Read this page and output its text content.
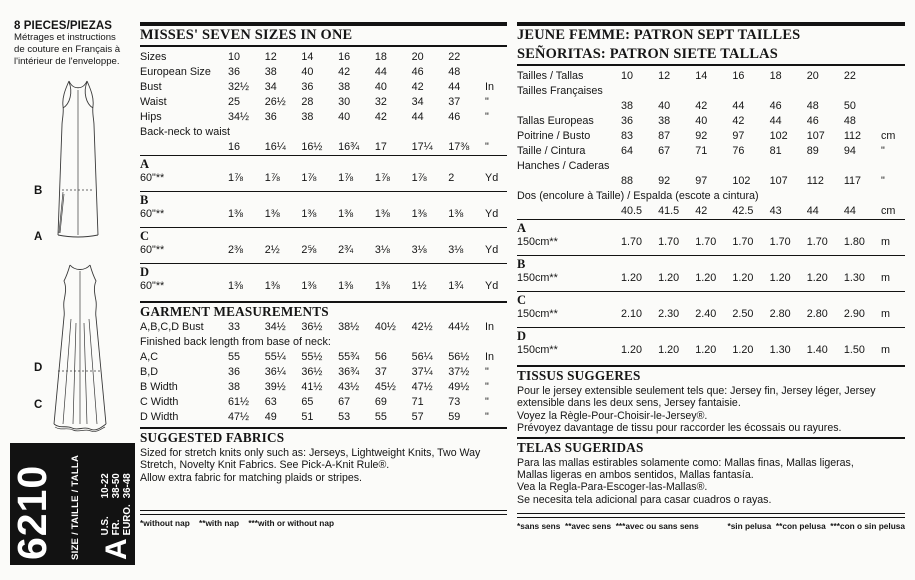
8 PIECES/PIEZAS
Métrages et instructions
de couture en Français à
l'intérieur de l'enveloppe.
B
A
D
C
6210 SIZE / TAILLE / TALLA A
U.S.
10-22
FR.
38-50
EURO.
36-48
MISSES' SEVEN SIZES IN ONE
Sizes	10	12	14	16	18	20	22
European Size	36	38	40	42	44	46	48
Bust	32½	34	36	38	40	42	44	In
Waist	25	26½	28	30	32	34	37	"
Hips	34½	36	38	40	42	44	46	"
Back-neck to waist
16	16¼	16½	16¾	17	17¼	17⅜	"
A
60"**	1⅞	1⅞	1⅞	1⅞	1⅞	1⅞	2	Yd
B
60"**	1⅜	1⅜	1⅜	1⅜	1⅜	1⅜	1⅜	Yd
C
60"**	2⅜	2½	2⅝	2¾	3⅛	3⅛	3⅛	Yd
D
60"**	1⅜	1⅜	1⅜	1⅜	1⅜	1½	1¾	Yd
GARMENT MEASUREMENTS
A,B,C,D Bust	33	34½	36½	38½	40½	42½	44½	In
Finished back length from base of neck:
A,C	55	55¼	55½	55¾	56	56¼	56½	In
B,D	36	36¼	36½	36¾	37	37¼	37½	"
B Width	38	39½	41½	43½	45½	47½	49½	"
C Width	61½	63	65	67	69	71	73	"
D Width	47½	49	51	53	55	57	59	"
SUGGESTED FABRICS
Sized for stretch knits only such as: Jerseys, Lightweight Knits, Two Way
Stretch, Novelty Knit Fabrics. See Pick-A-Knit Rule®.
Allow extra fabric for matching plaids or stripes.
*without nap    **with nap    ***with or without nap
JEUNE FEMME: PATRON SEPT TAILLES
SEÑORITAS: PATRON SIETE TALLAS
Tailles / Tallas	10	12	14	16	18	20	22
Tailles Françaises
38	40	42	44	46	48	50
Tallas Europeas	36	38	40	42	44	46	48
Poitrine / Busto	83	87	92	97	102	107	112	cm
Taille / Cintura	64	67	71	76	81	89	94	"
Hanches / Caderas
88	92	97	102	107	112	117	"
Dos (encolure à Taille) / Espalda (escote a cintura)
40.5	41.5	42	42.5	43	44	44	cm
A
150cm**	1.70	1.70	1.70	1.70	1.70	1.70	1.80	m
B
150cm**	1.20	1.20	1.20	1.20	1.20	1.20	1.30	m
C
150cm**	2.10	2.30	2.40	2.50	2.80	2.80	2.90	m
D
150cm**	1.20	1.20	1.20	1.20	1.30	1.40	1.50	m
TISSUS SUGGERES
Pour le jersey extensible seulement tels que: Jersey fin, Jersey léger, Jersey
extensible dans les deux sens, Jersey fantaisie.
Voyez la Règle-Pour-Choisir-le-Jersey®.
Prévoyez davantage de tissu pour raccorder les écossais ou rayures.
TELAS SUGERIDAS
Para las mallas estirables solamente como: Mallas finas, Mallas ligeras,
Mallas ligeras en ambos sentidos, Mallas fantasía.
Vea la Regla-Para-Escoger-las-Mallas®.
Se necesita tela adicional para casar cuadros o rayas.
*sans sens  **avec sens  ***avec ou sans sens	*sin pelusa  **con pelusa  ***con o sin pelusa
